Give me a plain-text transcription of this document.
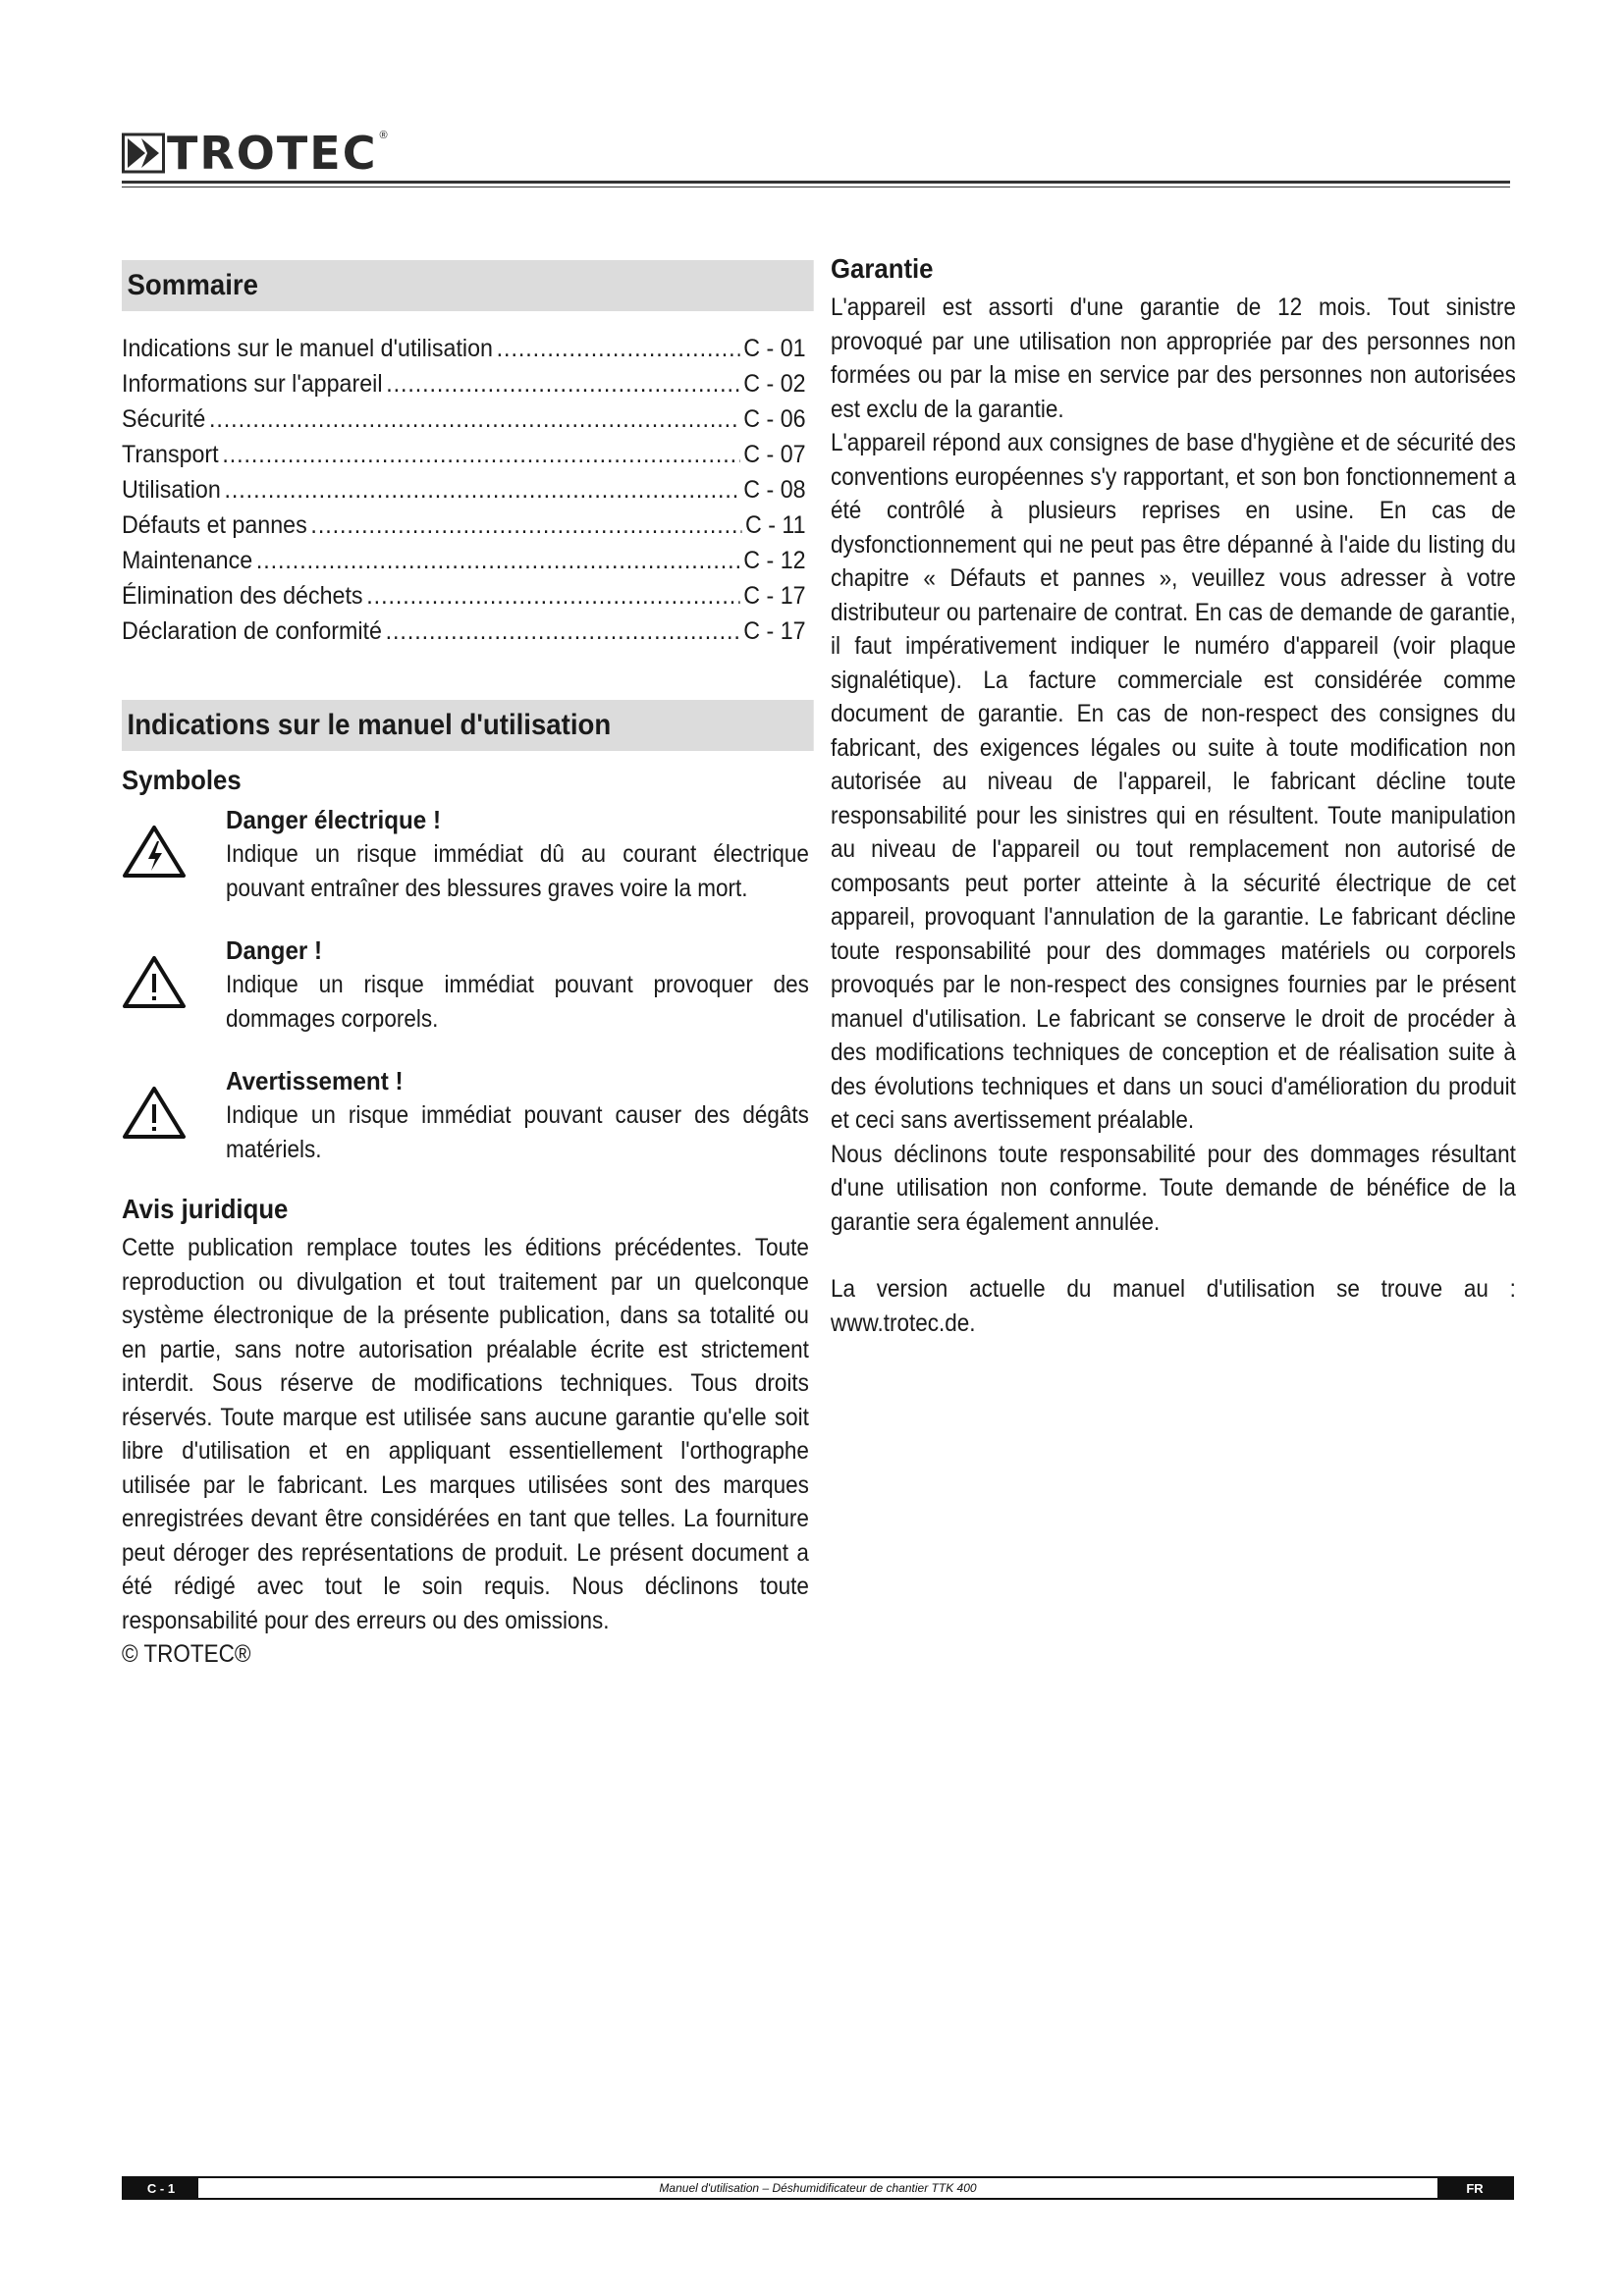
TROTEC ®
Sommaire
Indications sur le manuel d'utilisation .....	C - 01
Informations sur l'appareil .....	C - 02
Sécurité .....	C - 06
Transport .....	C - 07
Utilisation .....	C - 08
Défauts et pannes .....	C - 11
Maintenance .....	C - 12
Élimination des déchets .....	C - 17
Déclaration de conformité .....	C - 17
Indications sur le manuel d'utilisation
Symboles
Danger électrique !
Indique un risque immédiat dû au courant électrique pouvant entraîner des blessures graves voire la mort.
Danger !
Indique un risque immédiat pouvant provoquer des dommages corporels.
Avertissement !
Indique un risque immédiat pouvant causer des dégâts matériels.
Avis juridique
Cette publication remplace toutes les éditions précédentes. Toute reproduction ou divulgation et tout traitement par un quelconque système électronique de la présente publication, dans sa totalité ou en partie, sans notre autorisation préalable écrite est strictement interdit. Sous réserve de modifications techniques. Tous droits réservés. Toute marque est utilisée sans aucune garantie qu'elle soit libre d'utilisation et en appliquant essentiellement l'orthographe utilisée par le fabricant. Les marques utilisées sont des marques enregistrées devant être considérées en tant que telles. La fourniture peut déroger des représentations de produit. Le présent document a été rédigé avec tout le soin requis. Nous déclinons toute responsabilité pour des erreurs ou des omissions.
© TROTEC®
Garantie
L'appareil est assorti d'une garantie de 12 mois. Tout sinistre provoqué par une utilisation non appropriée par des personnes non formées ou par la mise en service par des personnes non autorisées est exclu de la garantie.
L'appareil répond aux consignes de base d'hygiène et de sécurité des conventions européennes s'y rapportant, et son bon fonctionnement a été contrôlé à plusieurs reprises en usine. En cas de dysfonctionnement qui ne peut pas être dépanné à l'aide du listing du chapitre « Défauts et pannes », veuillez vous adresser à votre distributeur ou partenaire de contrat. En cas de demande de garantie, il faut impérativement indiquer le numéro d'appareil (voir plaque signalétique). La facture commerciale est considérée comme document de garantie. En cas de non-respect des consignes du fabricant, des exigences légales ou suite à toute modification non autorisée au niveau de l'appareil, le fabricant décline toute responsabilité pour les sinistres qui en résultent. Toute manipulation au niveau de l'appareil ou tout remplacement non autorisé de composants peut porter atteinte à la sécurité électrique de cet appareil, provoquant l'annulation de la garantie. Le fabricant décline toute responsabilité pour des dommages matériels ou corporels provoqués par le non-respect des consignes fournies par le présent manuel d'utilisation. Le fabricant se conserve le droit de procéder à des modifications techniques de conception et de réalisation suite à des évolutions techniques et dans un souci d'amélioration du produit et ceci sans avertissement préalable.
Nous déclinons toute responsabilité pour des dommages résultant d'une utilisation non conforme. Toute demande de bénéfice de la garantie sera également annulée.
La version actuelle du manuel d'utilisation se trouve au : www.trotec.de.
C - 1	Manuel d'utilisation – Déshumidificateur de chantier TTK 400	FR
